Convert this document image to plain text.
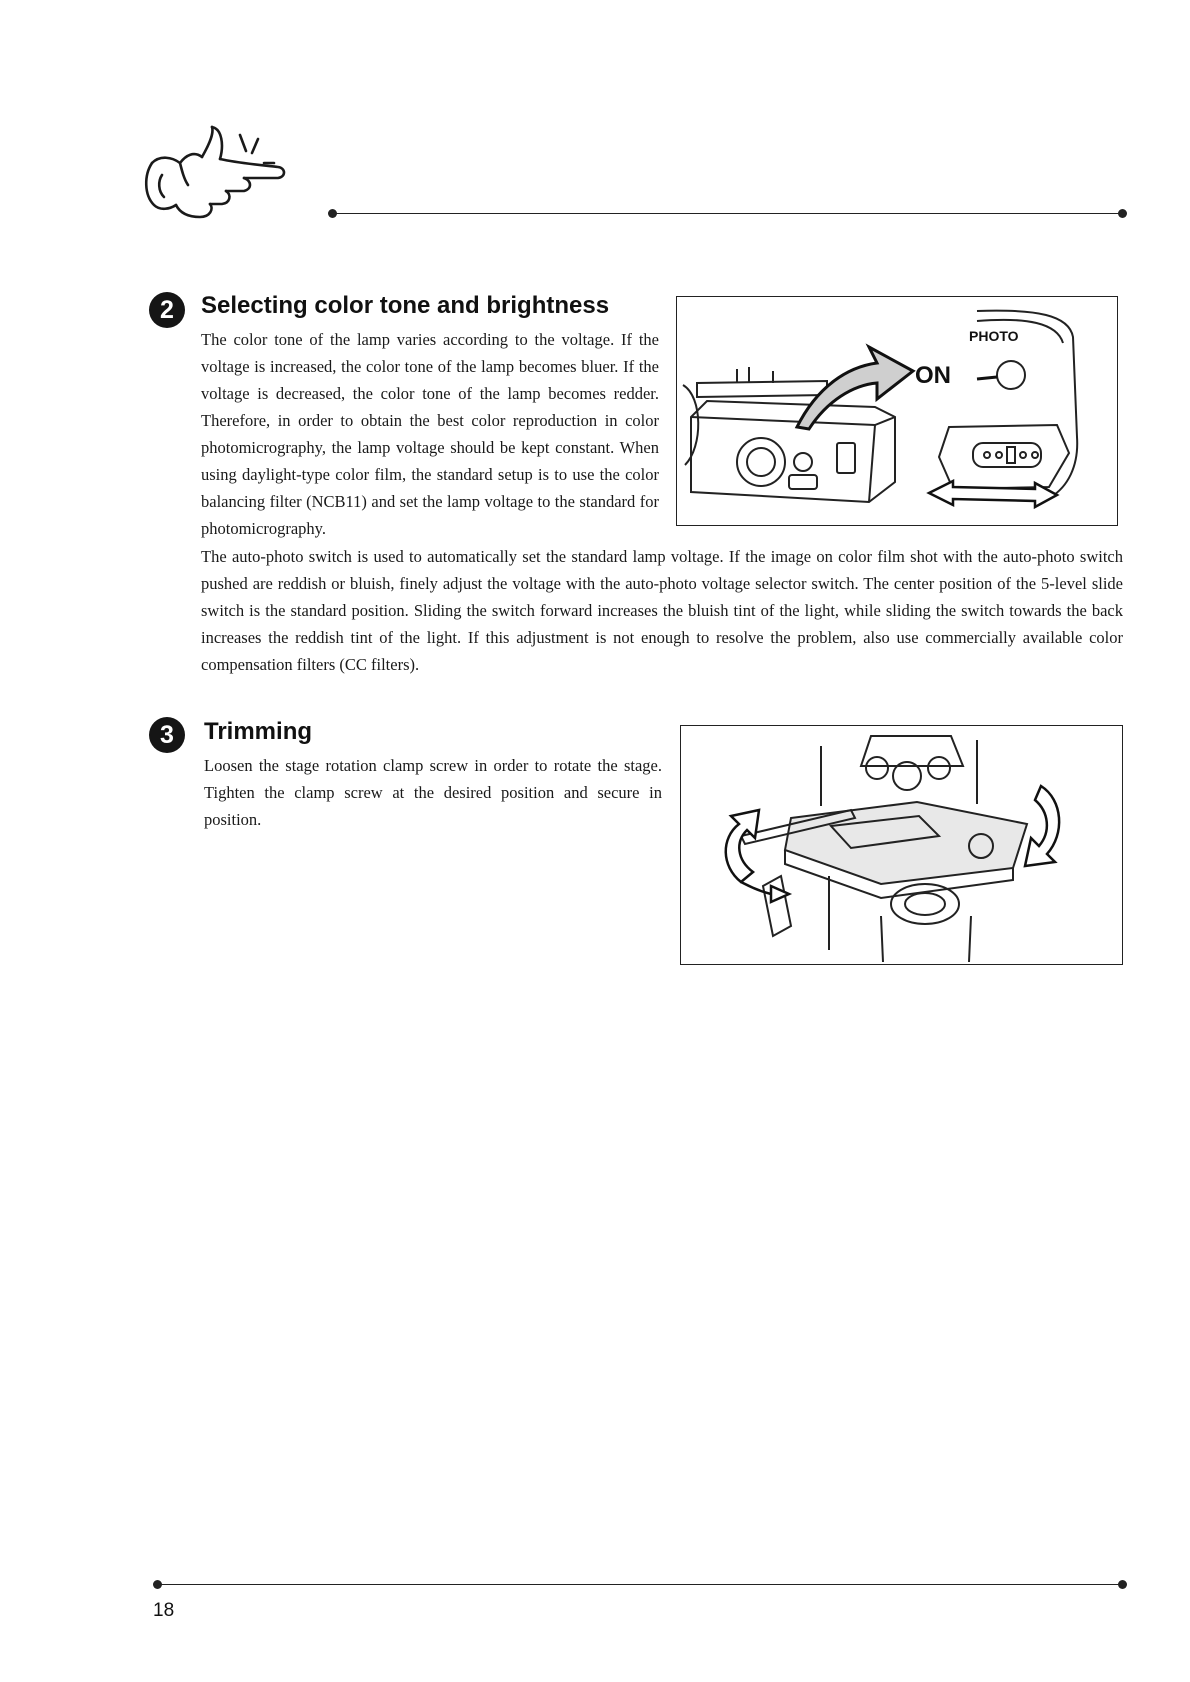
2	Selecting color tone and brightness

The color tone of the lamp varies according to the voltage. If the voltage is increased, the color tone of the lamp becomes bluer. If the voltage is decreased, the color tone of the lamp becomes redder. Therefore, in order to obtain the best color reproduction in color photomicrography, the lamp voltage should be kept constant. When using daylight-type color film, the standard setup is to use the color balancing filter (NCB11) and set the lamp voltage to the standard for photomicrography.

The auto-photo switch is used to automatically set the standard lamp voltage. If the image on color film shot with the auto-photo switch pushed are reddish or bluish, finely adjust the voltage with the auto-photo voltage selector switch. The center position of the 5-level slide switch is the standard position. Sliding the switch forward increases the bluish tint of the light, while sliding the switch towards the back increases the reddish tint of the light. If this adjustment is not enough to resolve the problem, also use commercially available color compensation filters (CC filters).

PHOTO
ON
3	Trimming

Loosen the stage rotation clamp screw in order to rotate the stage. Tighten the clamp screw at the desired position and secure in position.

18
